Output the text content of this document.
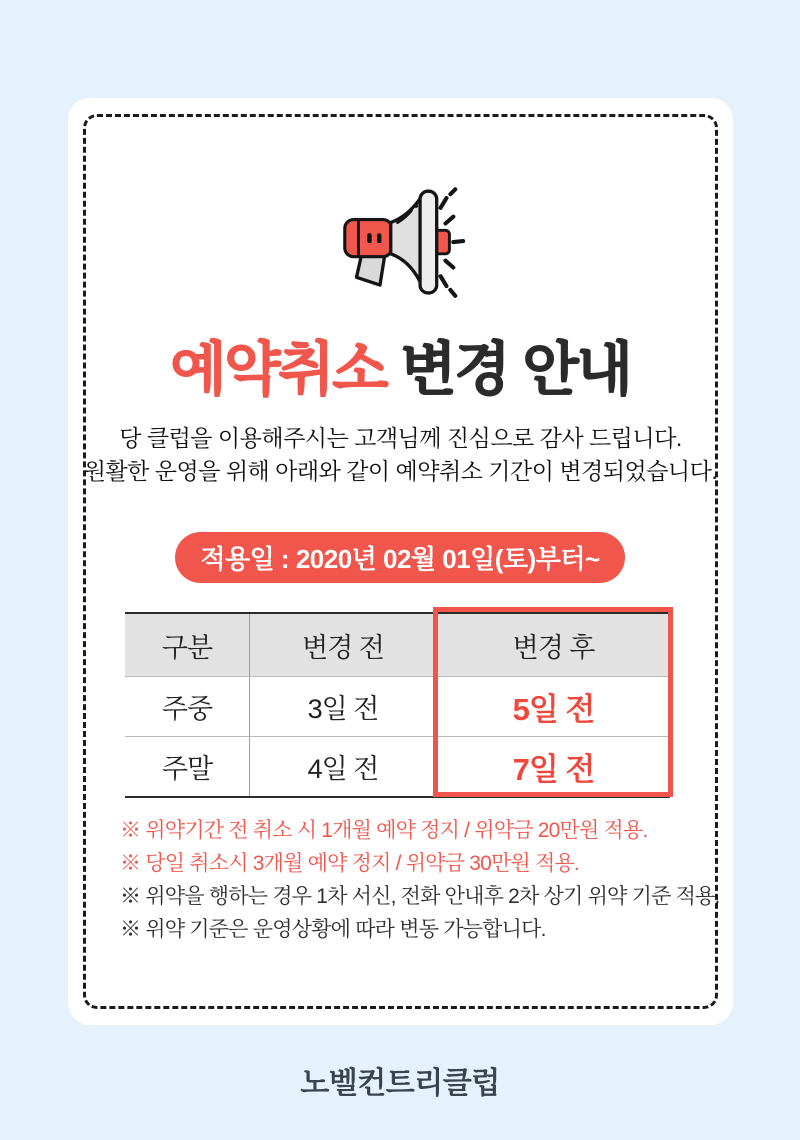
예약취소 변경 안내
당 클럽을 이용해주시는 고객님께 진심으로 감사 드립니다.
원활한 운영을 위해 아래와 같이 예약취소 기간이 변경되었습니다.
적용일 : 2020년 02월 01일(토)부터~
구분	변경 전	변경 후
주중	3일 전	5일 전
주말	4일 전	7일 전
※ 위약기간 전 취소 시 1개월 예약 정지 / 위약금 20만원 적용.
※ 당일 취소시 3개월 예약 정지 / 위약금 30만원 적용.
※ 위약을 행하는 경우 1차 서신, 전화 안내후 2차 상기 위약 기준 적용.
※ 위약 기준은 운영상황에 따라 변동 가능합니다.
노벨컨트리클럽
